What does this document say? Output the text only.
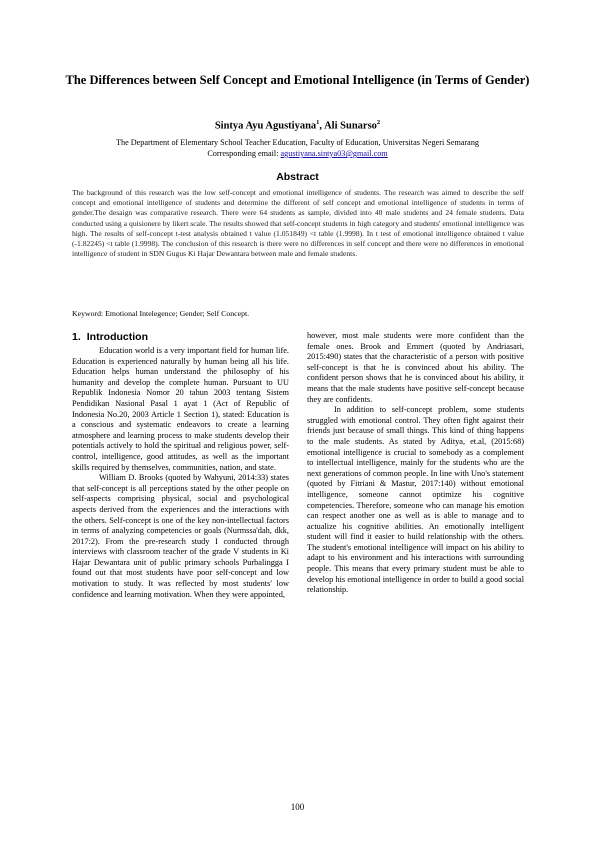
The Differences between Self Concept and Emotional Intelligence (in Terms of Gender)
Sintya Ayu Agustiyana$^1$, Ali Sunarso$^2$
The Department of Elementary School Teacher Education, Faculty of Education, Universitas Negeri Semarang
Corresponding email: agustiyana.sintya03@gmail.com
Abstract
The background of this research was the low self-concept and emotional intelligence of students. The research was aimed to describe the self concept and emotional intelligence of students and determine the different of self concept and emotional intelligence of students in terms of gender.The desaign was comparative research. There were 64 students as sample, divided into 40 male students and 24 female students. Data conducted using a quisionere by likert scale. The results showed that self-concept students in high category and students' emotional intelligence was high. The results of self-concept t-test analysis obtained t value (1.051849) <t table (1.9998). In t test of emotional intelligence obtained t value (-1.82245) <t table (1.9998). The conclusion of this research is there were no differences in self concept and there were no differences in emotional intelligence of student in SDN Gugus Ki Hajar Dewantara between male and female students.
Keyword: Emotional Intelegence; Gender; Self Concept.
1. Introduction

Education world is a very important field for human life. Education is experienced naturally by human being all his life. Education helps human understand the philosophy of his humanity and develop the complete human. Pursuant to UU Republik Indonesia Nomor 20 tahun 2003 tentang Sistem Pendidikan Nasional Pasal 1 ayat 1 (Act of Republic of Indonesia No.20, 2003 Article 1 Section 1), stated: Education is a conscious and systematic endeavors to create a learning atmosphere and learning process to make students develop their potentials actively to hold the spiritual and religious power, self-control, intelligence, good attitudes, as well as the important skills required by themselves, communities, nation, and state.

William D. Brooks (quoted by Wahyuni, 2014:33) states that self-concept is all perceptions stated by the other people on self-aspects comprising physical, social and psychological aspects derived from the experiences and the interactions with the others. Self-concept is one of the key non-intellectual factors in terms of analyzing competencies or goals (Nurmssa'dah, dkk, 2017:2). From the pre-research study I conducted through interviews with classroom teacher of the grade V students in Ki Hajar Dewantara unit of public primary schools Purbalingga I found out that most students have poor self-concept and low motivation to study. It was reflected by most students' low confidence and learning motivation. When they were appointed,

however, most male students were more confident than the female ones. Brook and Emmert (quoted by Andriasari, 2015:490) states that the characteristic of a person with positive self-concept is that he is convinced about his ability. The confident person shows that he is convinced about his ability, it means that the male students have positive self-concept because they are confidents.

In addition to self-concept problem, some students struggled with emotional control. They often fight against their friends just because of small things. This kind of thing happens to the male students. As stated by Aditya, et.al, (2015:68) emotional intelligence is crucial to somebody as a complement to intellectual intelligence, mainly for the students who are the next generations of common people. In line with Uno's statement (quoted by Fitriani & Mastur, 2017:140) without emotional intelligence, someone cannot optimize his cognitive competencies. Therefore, someone who can manage his emotion can respect another one as well as is able to manage and to actualize his cognitive abilities. An emotionally intelligent student will find it easier to build relationship with the others. The student's emotional intelligence will impact on his ability to adapt to his environment and his interactions with surrounding people. This means that every primary student must be able to develop his emotional intelligence in order to build a good social relationship.

100
